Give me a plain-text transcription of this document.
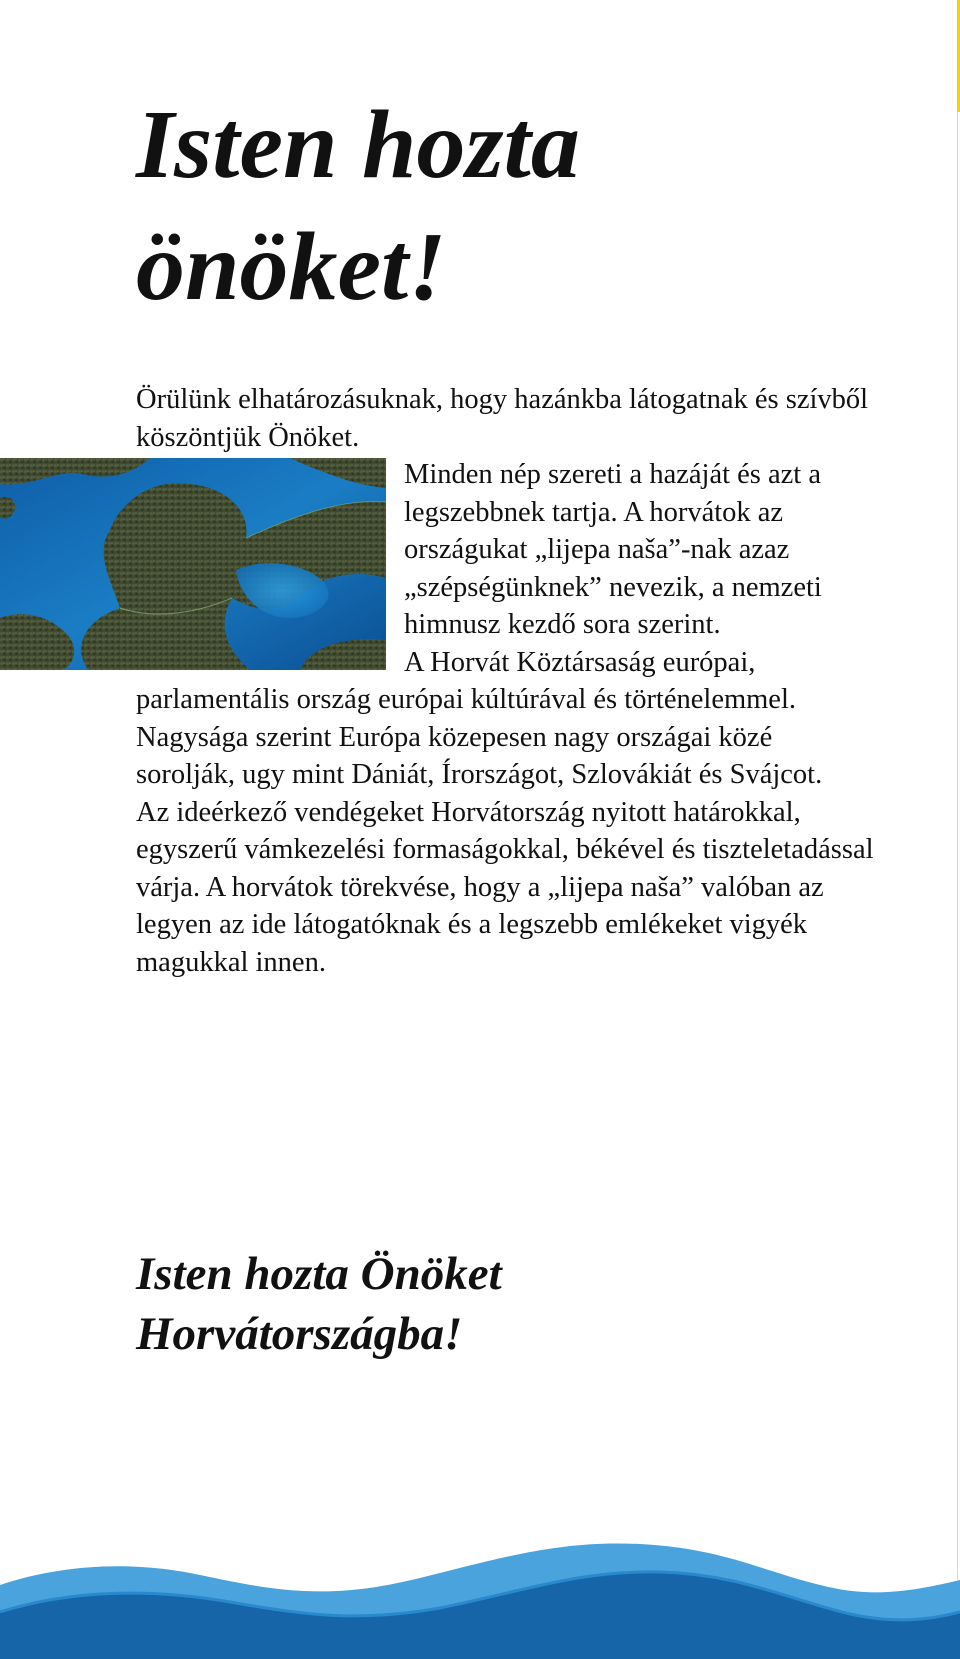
Isten hozta
önöket!

Örülünk elhatározásuknak, hogy hazánkba látogatnak és szívből köszöntjük Önöket.

Minden nép szereti a hazáját és azt a legszebbnek tartja. A horvátok az országukat „lijepa naša”-nak azaz „szépségünknek” nevezik, a nemzeti himnusz kezdő sora szerint.

A Horvát Köztársaság európai, parlamentális ország európai kúltúrával és történelemmel. Nagysága szerint Európa közepesen nagy országai közé sorolják, ugy mint Dániát, Írországot, Szlovákiát és Svájcot.

Az ideérkező vendégeket Horvátország nyitott határokkal, egyszerű vámkezelési formaságokkal, békével és tiszteletadással várja. A horvátok törekvése, hogy a „lijepa naša” valóban az legyen az ide látogatóknak és a legszebb emlékeket vigyék magukkal innen.

Isten hozta Önöket
Horvátországba!
